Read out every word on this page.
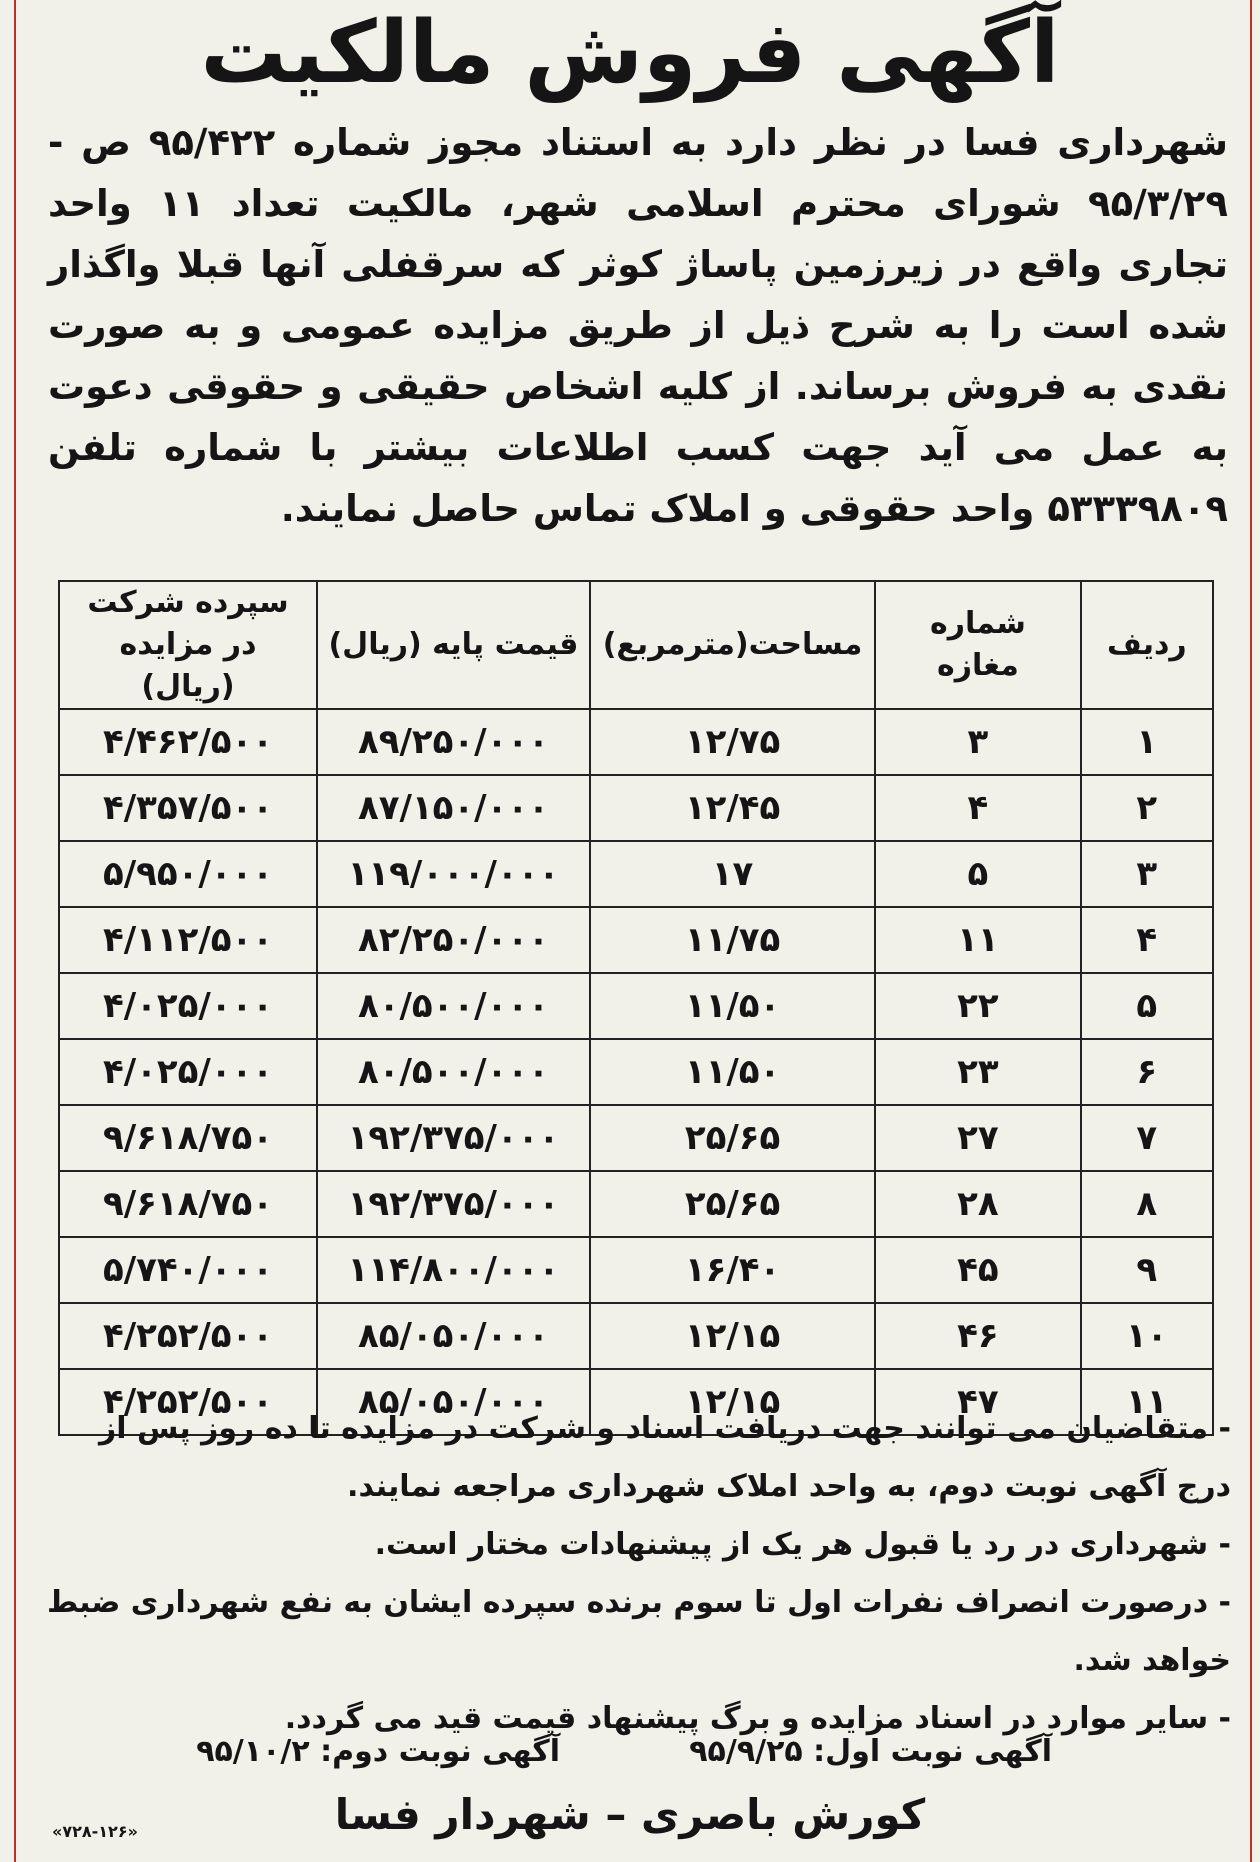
آگهی فروش مالکیت
شهرداری فسا در نظر دارد به استناد مجوز شماره ۹۵/۴۲۲ ص - ۹۵/۳/۲۹ شورای محترم اسلامی شهر، مالکیت تعداد ۱۱ واحد تجاری واقع در زیرزمین پاساژ کوثر که سرقفلی آنها قبلا واگذار شده است را به شرح ذیل از طریق مزایده عمومی و به صورت نقدی به فروش برساند. از کلیه اشخاص حقیقی و حقوقی دعوت به عمل می آید جهت کسب اطلاعات بیشتر با شماره تلفن ۵۳۳۳۹۸۰۹ واحد حقوقی و املاک تماس حاصل نمایند.
ردیف	شماره مغازه	مساحت(مترمربع)	قیمت پایه (ریال)	سپرده شرکت در مزایده (ریال)
۱	۳	۱۲/۷۵	۸۹/۲۵۰/۰۰۰	۴/۴۶۲/۵۰۰
۲	۴	۱۲/۴۵	۸۷/۱۵۰/۰۰۰	۴/۳۵۷/۵۰۰
۳	۵	۱۷	۱۱۹/۰۰۰/۰۰۰	۵/۹۵۰/۰۰۰
۴	۱۱	۱۱/۷۵	۸۲/۲۵۰/۰۰۰	۴/۱۱۲/۵۰۰
۵	۲۲	۱۱/۵۰	۸۰/۵۰۰/۰۰۰	۴/۰۲۵/۰۰۰
۶	۲۳	۱۱/۵۰	۸۰/۵۰۰/۰۰۰	۴/۰۲۵/۰۰۰
۷	۲۷	۲۵/۶۵	۱۹۲/۳۷۵/۰۰۰	۹/۶۱۸/۷۵۰
۸	۲۸	۲۵/۶۵	۱۹۲/۳۷۵/۰۰۰	۹/۶۱۸/۷۵۰
۹	۴۵	۱۶/۴۰	۱۱۴/۸۰۰/۰۰۰	۵/۷۴۰/۰۰۰
۱۰	۴۶	۱۲/۱۵	۸۵/۰۵۰/۰۰۰	۴/۲۵۲/۵۰۰
۱۱	۴۷	۱۲/۱۵	۸۵/۰۵۰/۰۰۰	۴/۲۵۲/۵۰۰

- متقاضیان می توانند جهت دریافت اسناد و شرکت در مزایده تا ده روز پس از درج آگهی نوبت دوم، به واحد املاک شهرداری مراجعه نمایند.

- شهرداری در رد یا قبول هر یک از پیشنهادات مختار است.

- درصورت انصراف نفرات اول تا سوم برنده سپرده ایشان به نفع شهرداری ضبط خواهد شد.

- سایر موارد در اسناد مزایده و برگ پیشنهاد قیمت قید می گردد.

آگهی نوبت اول: ۹۵/۹/۲۵
آگهی نوبت دوم: ۹۵/۱۰/۲
کورش باصری – شهردار فسا
«۷۲۸-۱۲۶»
